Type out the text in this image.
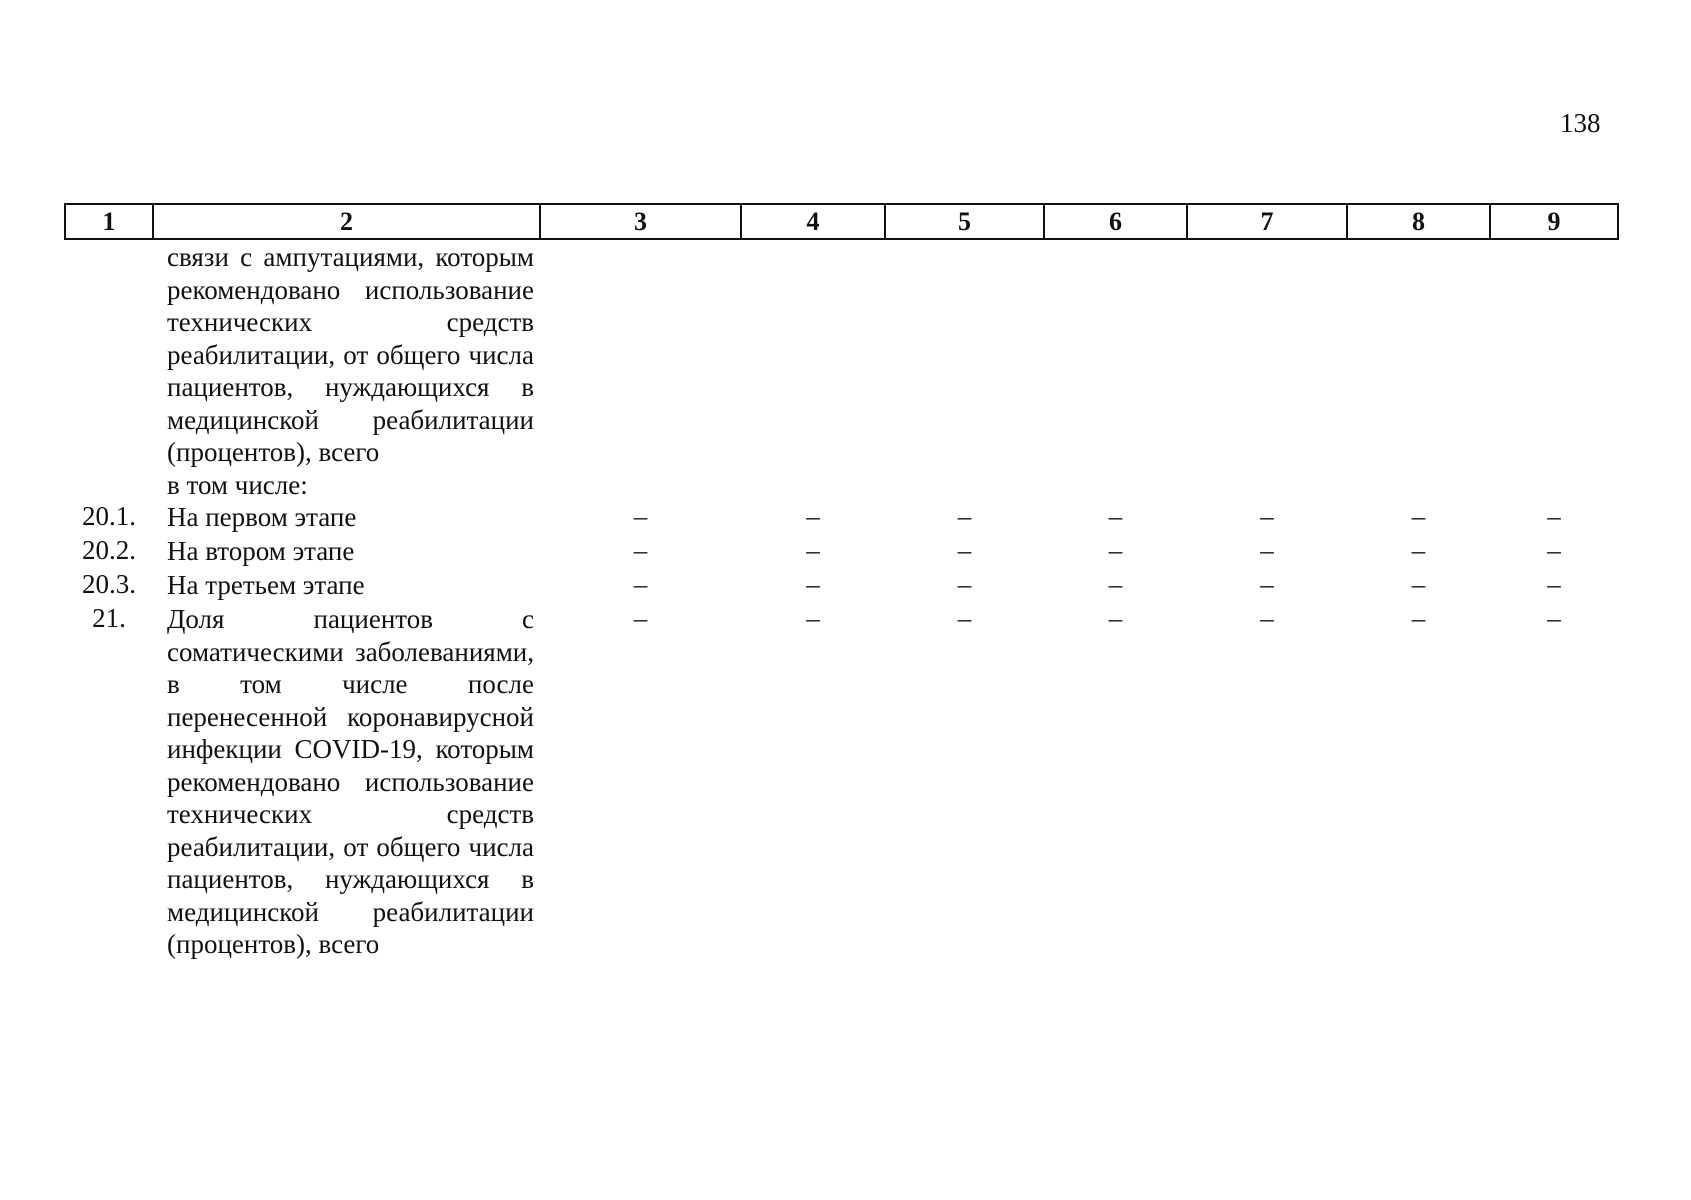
138
1	2	3	4	5	6	7	8	9
	связи с ампутациями, которым рекомендовано использование технических средств реабилитации, от общего числа пациентов, нуждающихся в медицинской реабилитации (процентов), всего							
	в том числе:							
20.1.	На первом этапе	–	–	–	–	–	–	–
20.2.	На втором этапе	–	–	–	–	–	–	–
20.3.	На третьем этапе	–	–	–	–	–	–	–
21.	Доля пациентов с соматическими заболеваниями, в том числе после перенесенной коронавирусной инфекции COVID-19, которым рекомендовано использование технических средств реабилитации, от общего числа пациентов, нуждающихся в медицинской реабилитации (процентов), всего	–	–	–	–	–	–	–
